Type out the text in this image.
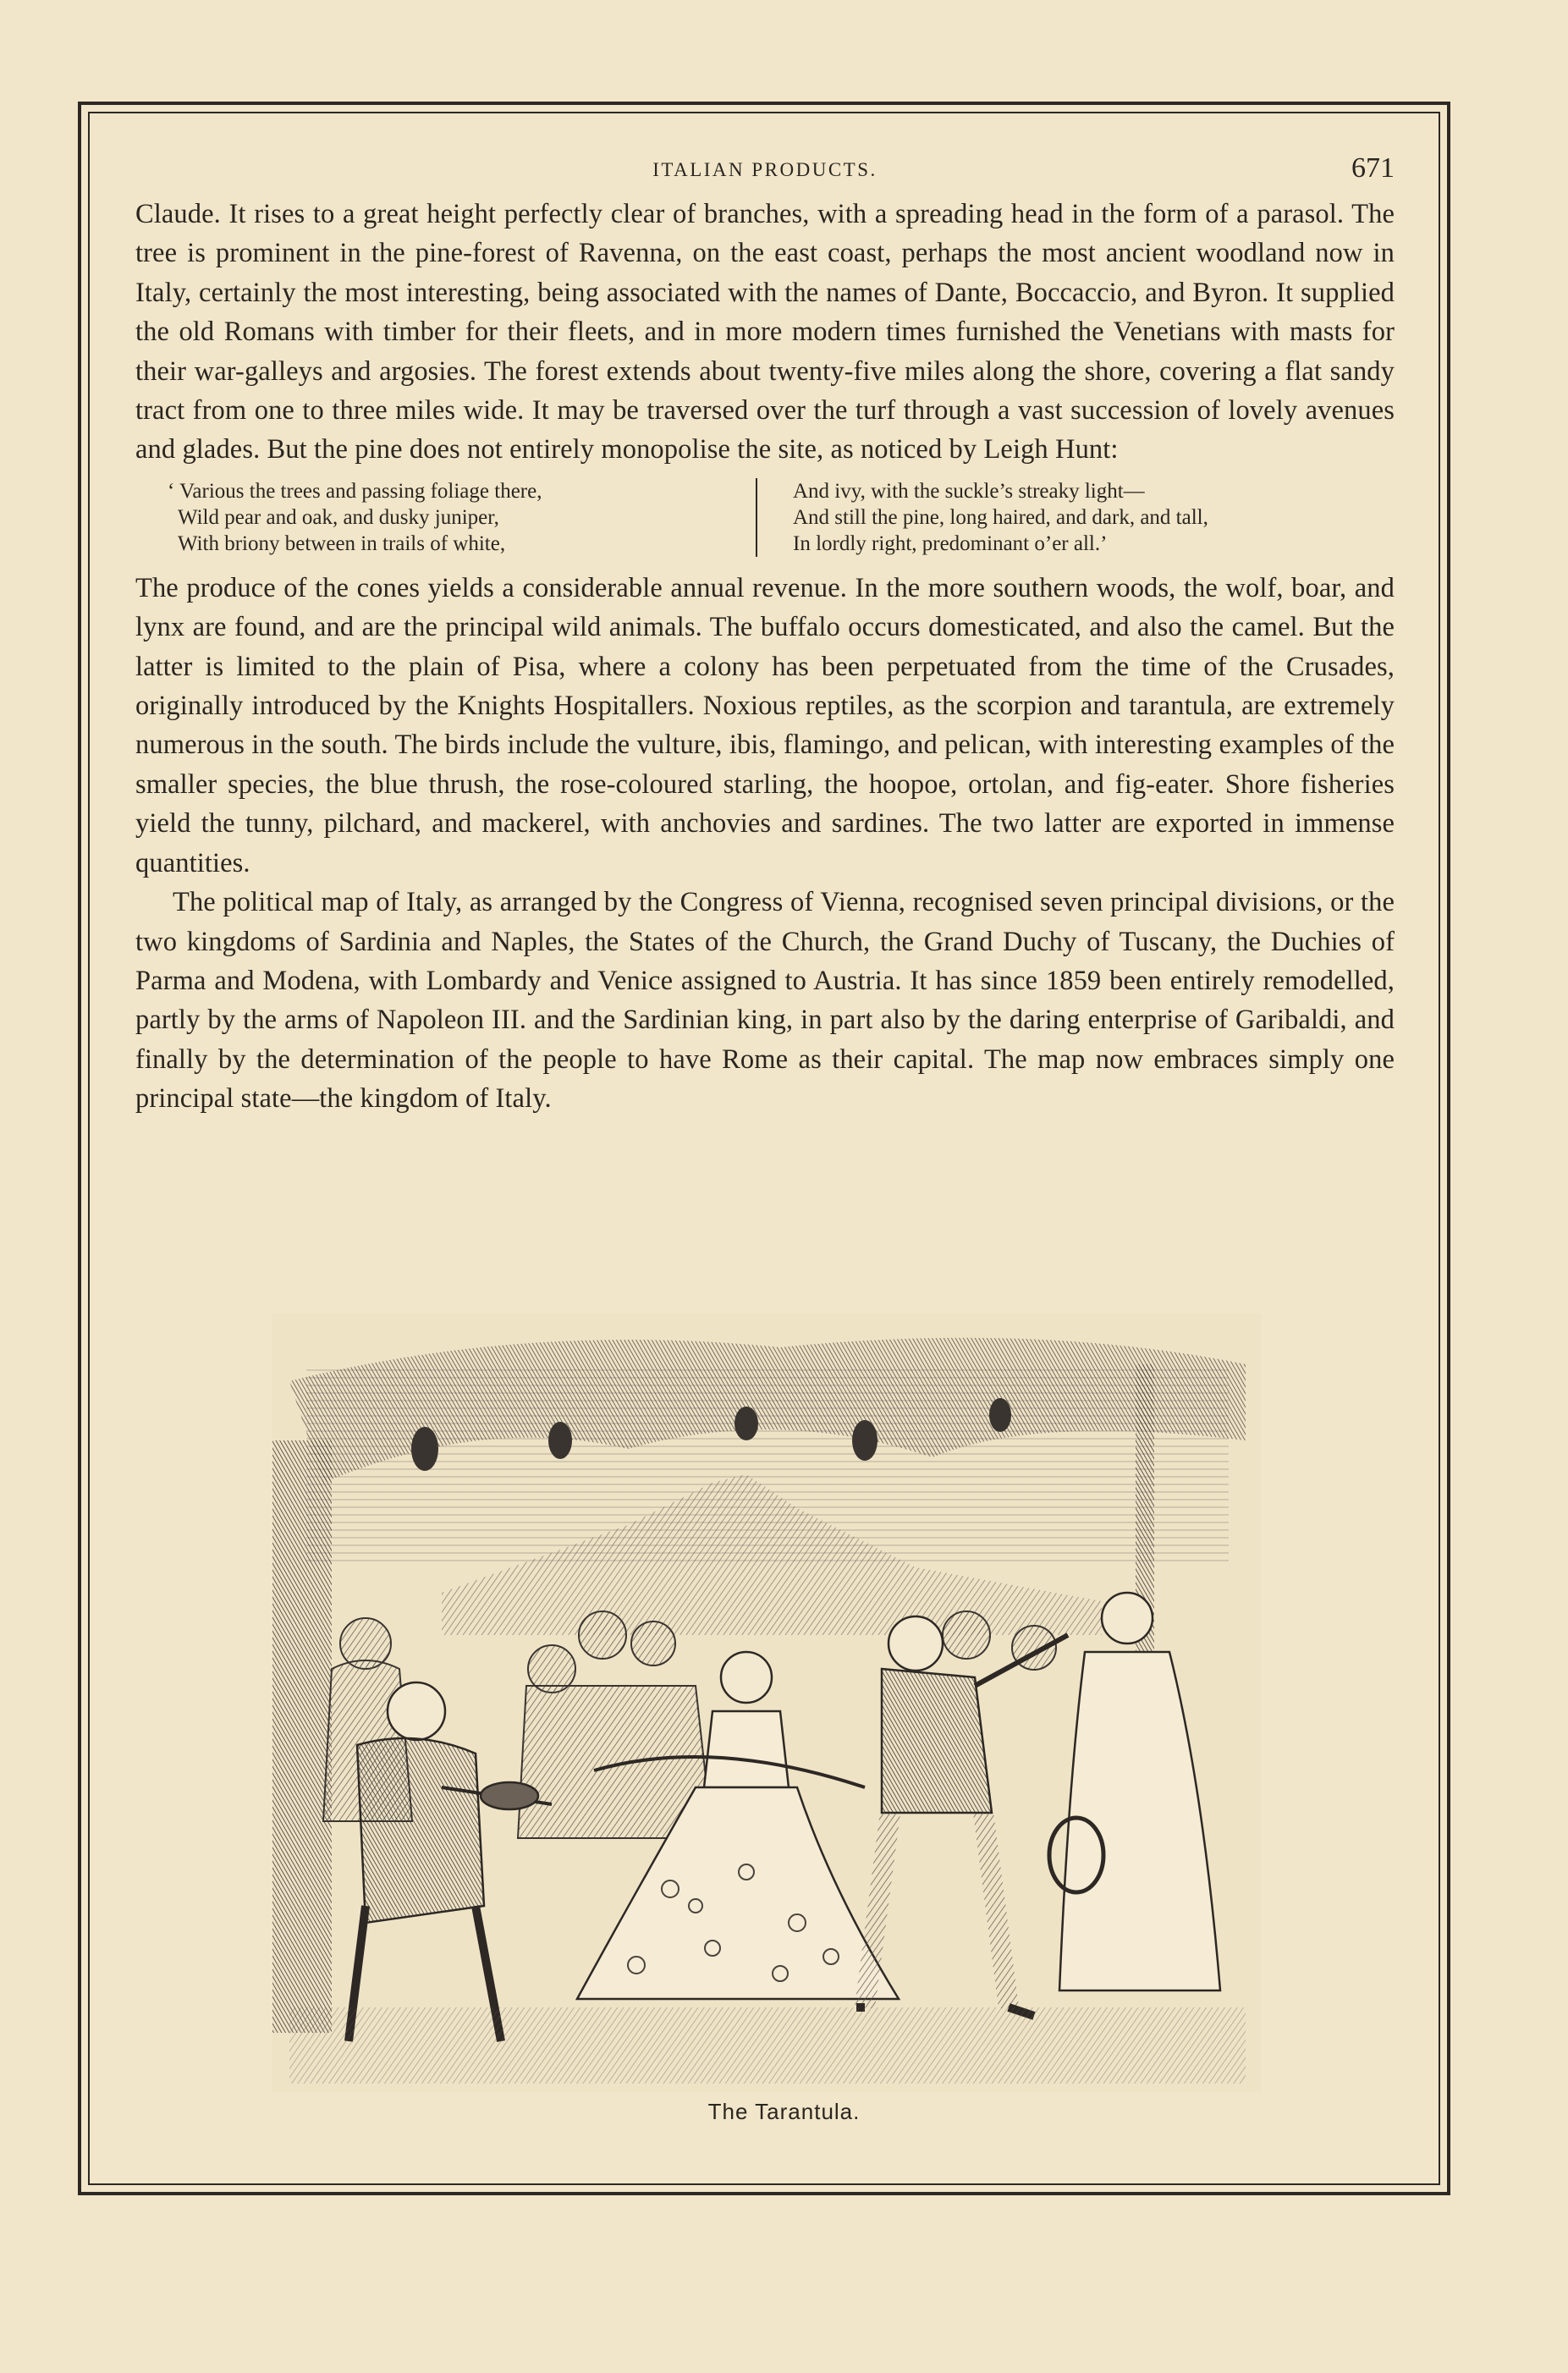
ITALIAN PRODUCTS.	671

Claude. It rises to a great height perfectly clear of branches, with a spreading head in the form of a parasol. The tree is prominent in the pine-forest of Ravenna, on the east coast, perhaps the most ancient woodland now in Italy, certainly the most interesting, being associated with the names of Dante, Boccaccio, and Byron. It supplied the old Romans with timber for their fleets, and in more modern times furnished the Venetians with masts for their war-galleys and argosies. The forest extends about twenty-five miles along the shore, covering a flat sandy tract from one to three miles wide. It may be traversed over the turf through a vast succession of lovely avenues and glades. But the pine does not entirely monopolise the site, as noticed by Leigh Hunt:

‘ Various the trees and passing foliage there,
Wild pear and oak, and dusky juniper,
With briony between in trails of white,
And ivy, with the suckle’s streaky light—
And still the pine, long haired, and dark, and tall,
In lordly right, predominant o’er all.’

The produce of the cones yields a considerable annual revenue. In the more southern woods, the wolf, boar, and lynx are found, and are the principal wild animals. The buffalo occurs domesticated, and also the camel. But the latter is limited to the plain of Pisa, where a colony has been perpetuated from the time of the Crusades, originally introduced by the Knights Hospitallers. Noxious reptiles, as the scorpion and tarantula, are extremely numerous in the south. The birds include the vulture, ibis, flamingo, and pelican, with interesting examples of the smaller species, the blue thrush, the rose-coloured starling, the hoopoe, ortolan, and fig-eater. Shore fisheries yield the tunny, pilchard, and mackerel, with anchovies and sardines. The two latter are exported in immense quantities.

The political map of Italy, as arranged by the Congress of Vienna, recognised seven principal divisions, or the two kingdoms of Sardinia and Naples, the States of the Church, the Grand Duchy of Tuscany, the Duchies of Parma and Modena, with Lombardy and Venice assigned to Austria. It has since 1859 been entirely remodelled, partly by the arms of Napoleon III. and the Sardinian king, in part also by the daring enterprise of Garibaldi, and finally by the determination of the people to have Rome as their capital. The map now embraces simply one principal state—the kingdom of Italy.

The Tarantula.
